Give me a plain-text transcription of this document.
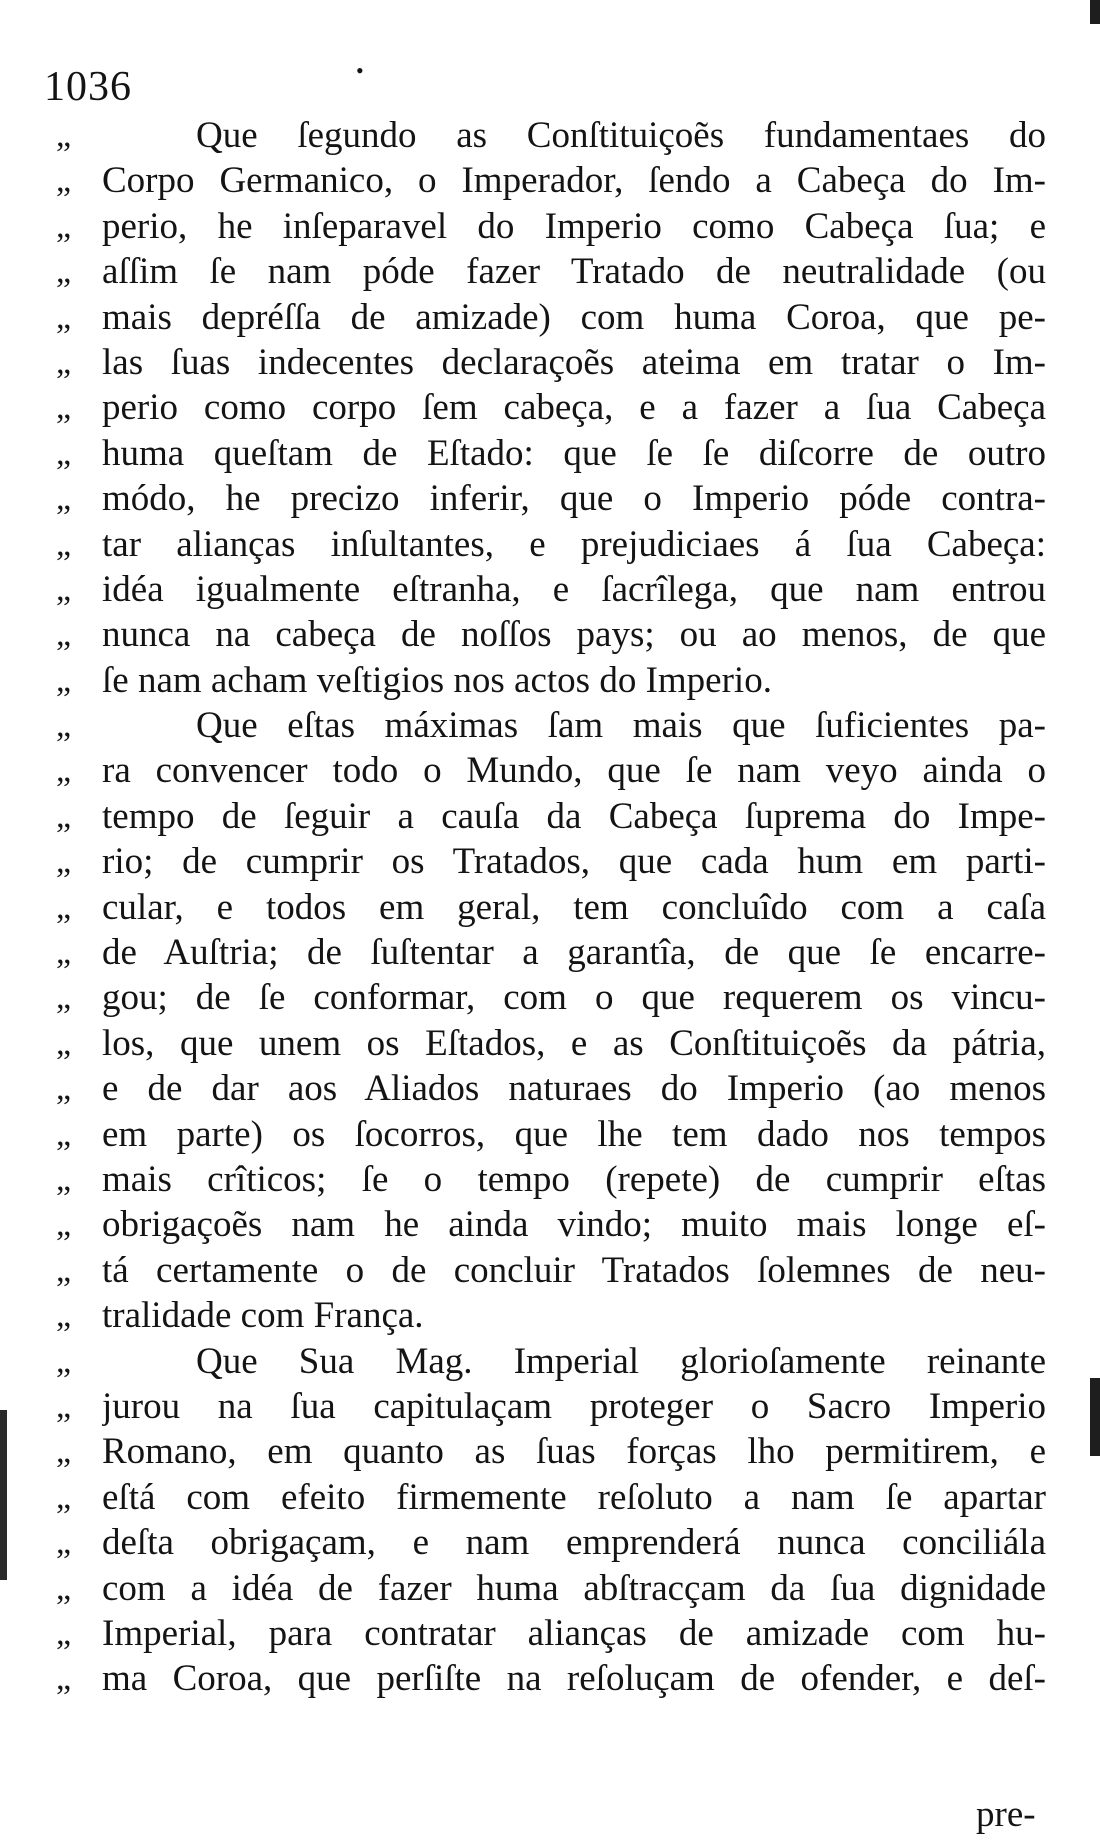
1036	•
„	Que ſegundo as Conſtituiçoẽs fundamentaes do
„ Corpo Germanico, o Imperador, ſendo a Cabeça do Im-
„ perio, he inſeparavel do Imperio como Cabeça ſua; e
„ aſſim ſe nam póde fazer Tratado de neutralidade (ou
„ mais depréſſa de amizade) com huma Coroa, que pe-
„ las ſuas indecentes declaraçoẽs ateima em tratar o Im-
„ perio como corpo ſem cabeça, e a fazer a ſua Cabeça
„ huma queſtam de Eſtado: que ſe ſe diſcorre de outro
„ módo, he precizo inferir, que o Imperio póde contra-
„ tar alianças inſultantes, e prejudiciaes á ſua Cabeça:
„ idéa igualmente eſtranha, e ſacrîlega, que nam entrou
„ nunca na cabeça de noſſos pays; ou ao menos, de que
„ ſe nam acham veſtigios nos actos do Imperio.
„	Que eſtas máximas ſam mais que ſuficientes pa-
„ ra convencer todo o Mundo, que ſe nam veyo ainda o
„ tempo de ſeguir a cauſa da Cabeça ſuprema do Impe-
„ rio; de cumprir os Tratados, que cada hum em parti-
„ cular, e todos em geral, tem concluîdo com a caſa
„ de Auſtria; de ſuſtentar a garantîa, de que ſe encarre-
„ gou; de ſe conformar, com o que requerem os vincu-
„ los, que unem os Eſtados, e as Conſtituiçoẽs da pátria,
„ e de dar aos Aliados naturaes do Imperio (ao menos
„ em parte) os ſocorros, que lhe tem dado nos tempos
„ mais crîticos; ſe o tempo (repete) de cumprir eſtas
„ obrigaçoẽs nam he ainda vindo; muito mais longe eſ-
„ tá certamente o de concluir Tratados ſolemnes de neu-
„ tralidade com França.
„	Que Sua Mag. Imperial glorioſamente reinante
„ jurou na ſua capitulaçam proteger o Sacro Imperio
„ Romano, em quanto as ſuas forças lho permitirem, e
„ eſtá com efeito firmemente reſoluto a nam ſe apartar
„ deſta obrigaçam, e nam emprenderá nunca conciliála
„ com a idéa de fazer huma abſtracçam da ſua dignidade
„ Imperial, para contratar alianças de amizade com hu-
„ ma Coroa, que perſiſte na reſoluçam de ofender, e deſ-
pre-
